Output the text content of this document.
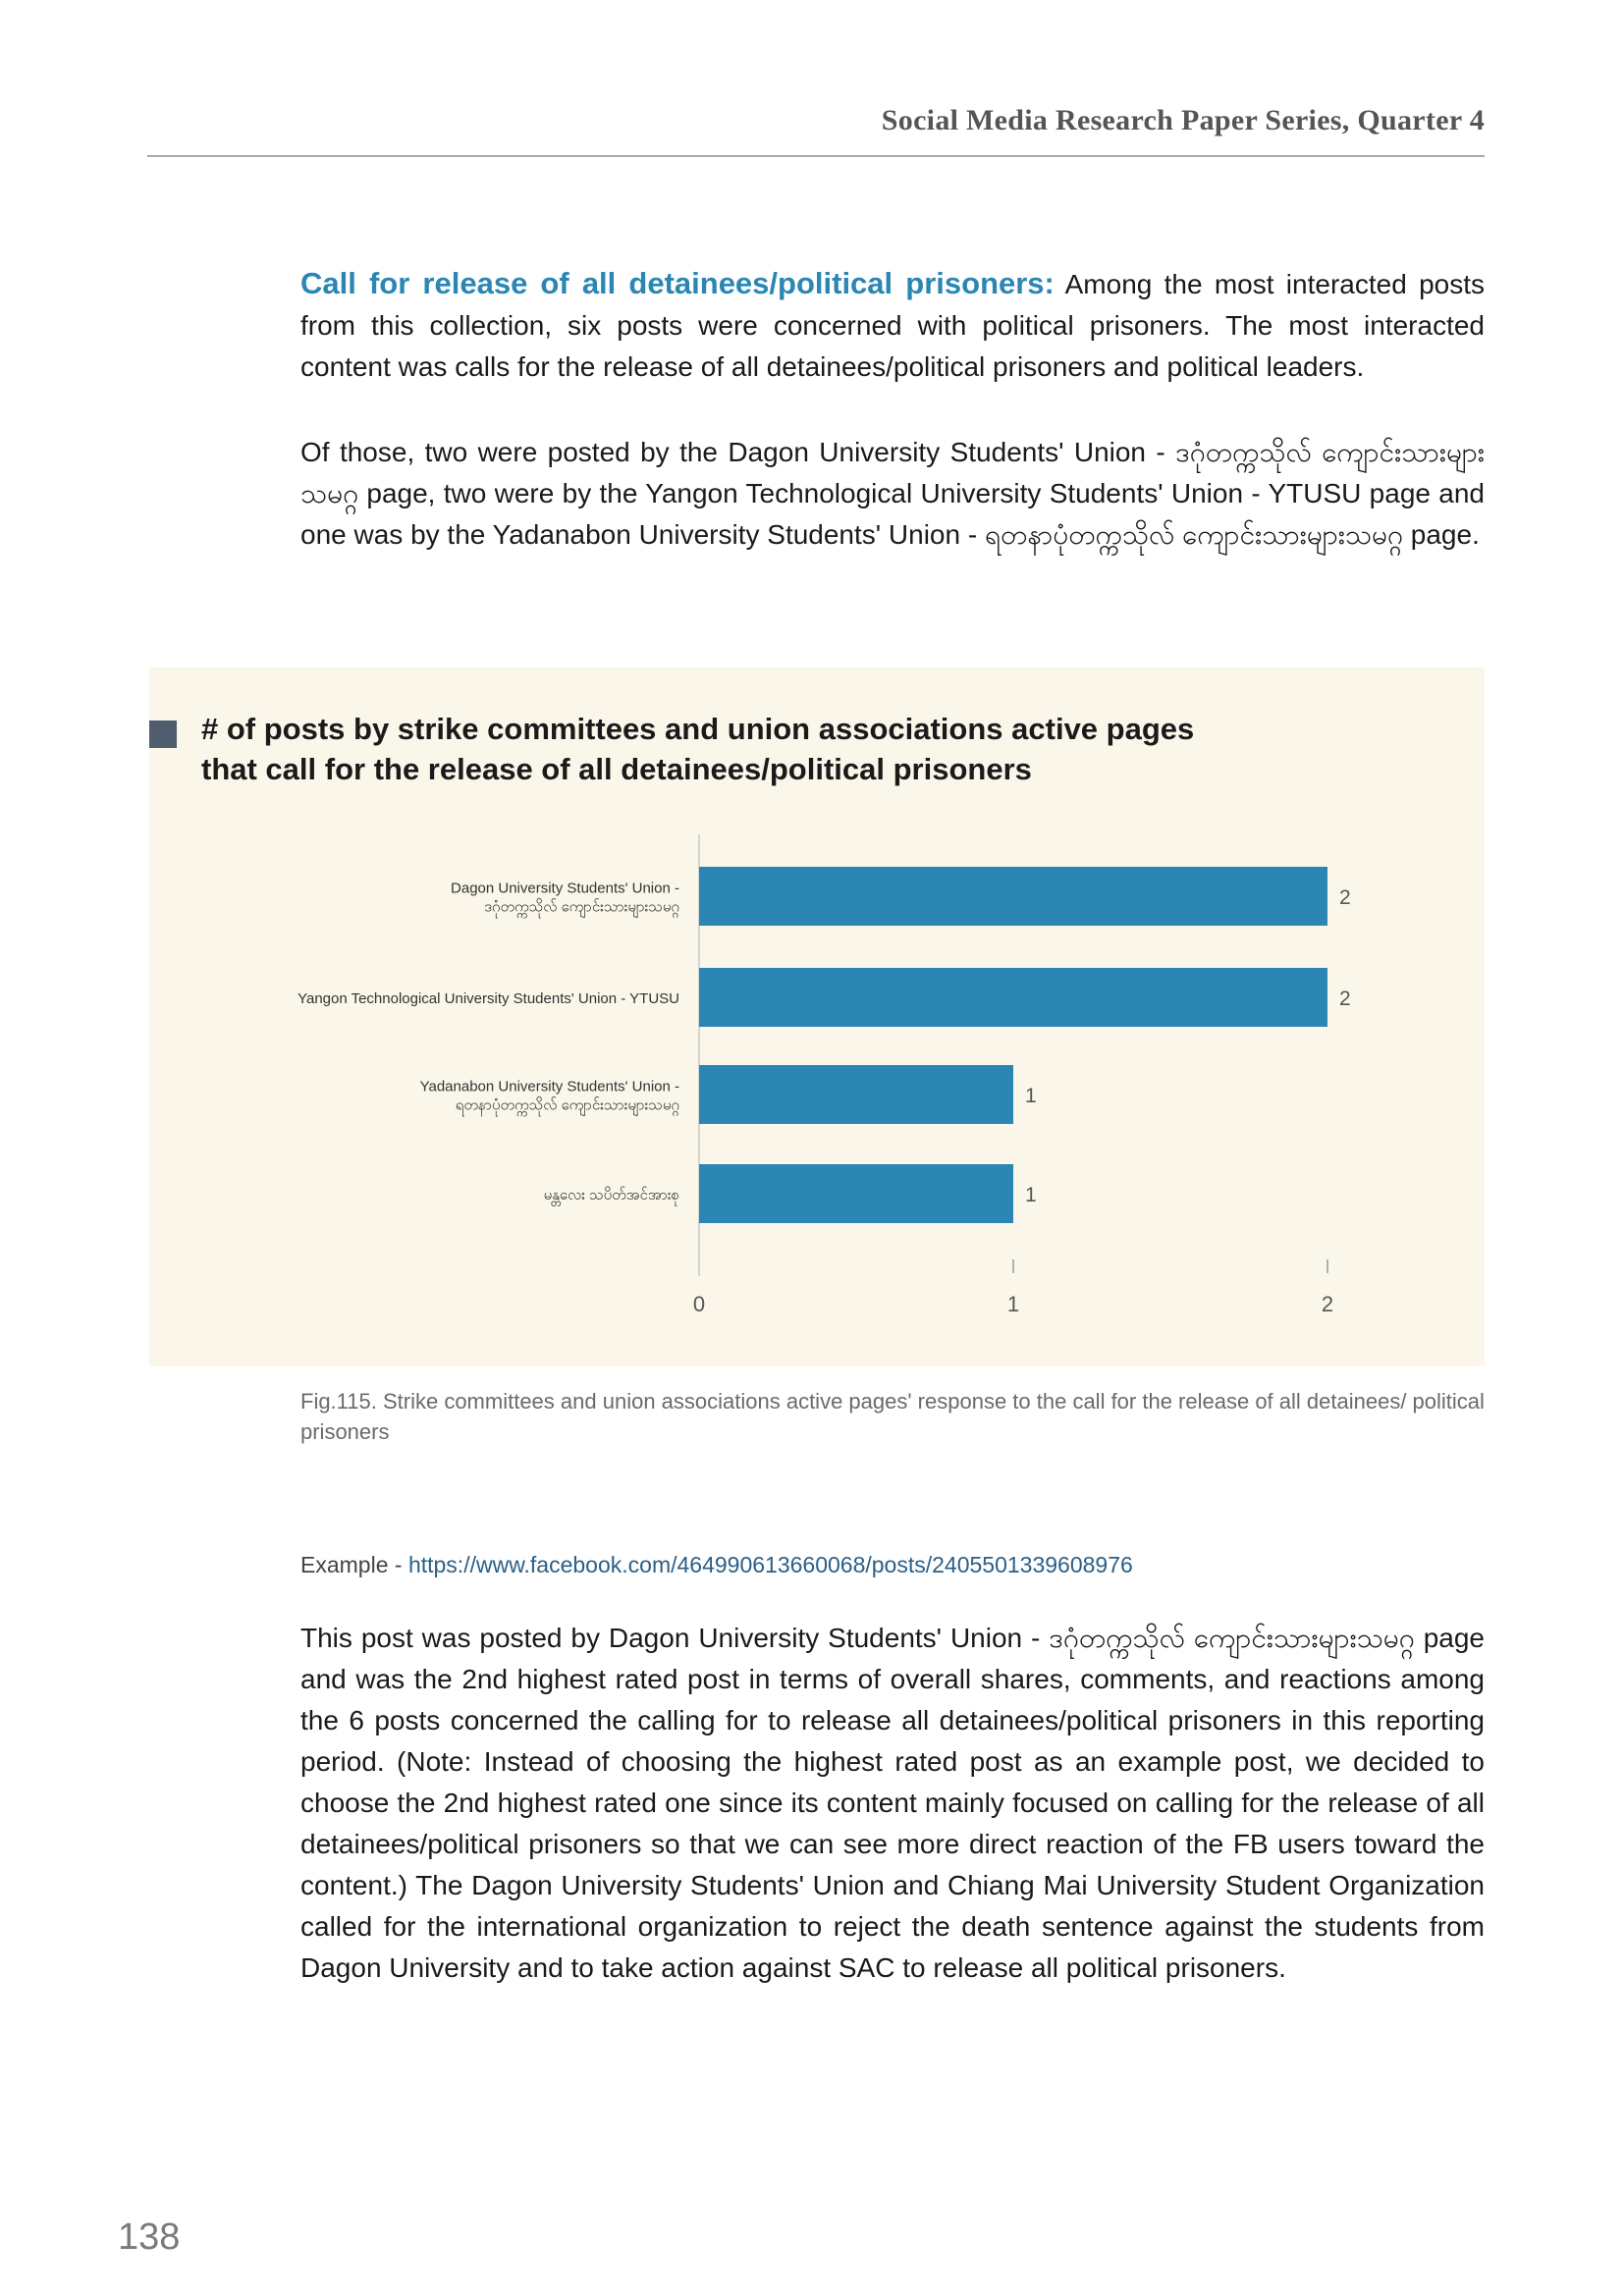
Social Media Research Paper Series, Quarter 4

Call for release of all detainees/political prisoners: Among the most interacted posts from this collection, six posts were concerned with political prisoners. The most interacted content was calls for the release of all detainees/political prisoners and political leaders.

Of those, two were posted by the Dagon University Students' Union - ဒဂုံတက္ကသိုလ် ကျောင်းသားများသမဂ္ဂ page, two were by the Yangon Technological University Students' Union - YTUSU page and one was by the Yadanabon University Students' Union - ရတနာပုံတက္ကသိုလ် ကျောင်းသားများသမဂ္ဂ page.

# of posts by strike committees and union associations active pages
that call for the release of all detainees/political prisoners

2
Dagon University Students' Union -
ဒဂုံတက္ကသိုလ် ကျောင်းသားများသမဂ္ဂ
2
Yangon Technological University Students' Union - YTUSU
1
Yadanabon University Students' Union -
ရတနာပုံတက္ကသိုလ် ကျောင်းသားများသမဂ္ဂ
1
မန္တလေး သပိတ်အင်အားစု
0	1	2

Fig.115. Strike committees and union associations active pages' response to the call for the release of all detainees/ political prisoners

Example - https://www.facebook.com/464990613660068/posts/2405501339608976

This post was posted by Dagon University Students' Union - ဒဂုံတက္ကသိုလ် ကျောင်းသားများသမဂ္ဂ page and was the 2nd highest rated post in terms of overall shares, comments, and reactions among the 6 posts concerned the calling for to release all detainees/political prisoners in this reporting period. (Note: Instead of choosing the highest rated post as an example post, we decided to choose the 2nd highest rated one since its content mainly focused on calling for the release of all detainees/political prisoners so that we can see more direct reaction of the FB users toward the content.) The Dagon University Students' Union and Chiang Mai University Student Organization called for the international organization to reject the death sentence against the students from Dagon University and to take action against SAC to release all political prisoners.

138
